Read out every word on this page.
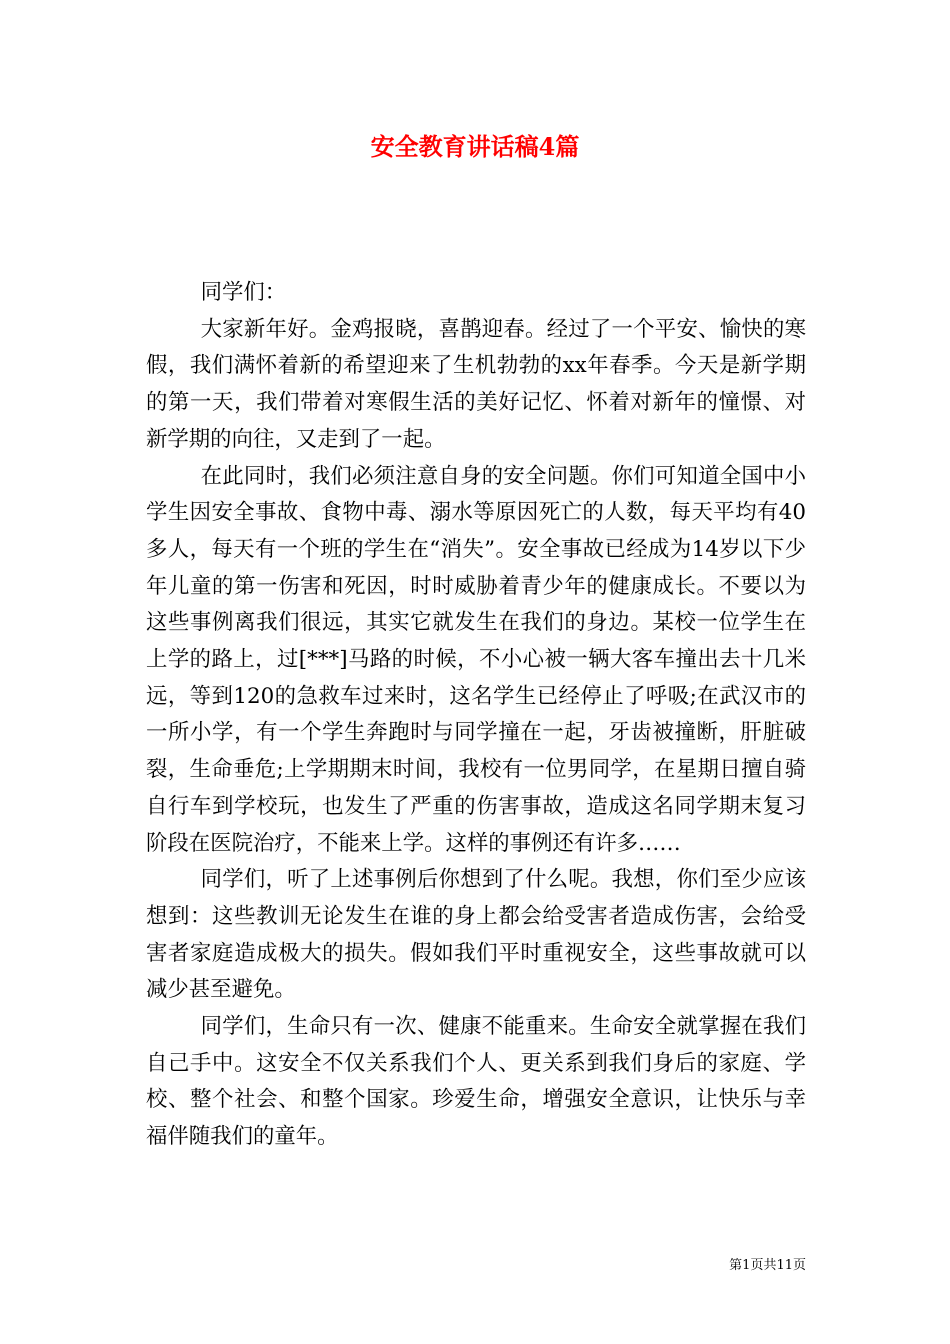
安全教育讲话稿4篇

同学们：

大家新年好。金鸡报晓，喜鹊迎春。经过了一个平安、愉快的寒假，我们满怀着新的希望迎来了生机勃勃的xx年春季。今天是新学期的第一天，我们带着对寒假生活的美好记忆、怀着对新年的憧憬、对新学期的向往，又走到了一起。

在此同时，我们必须注意自身的安全问题。你们可知道全国中小学生因安全事故、食物中毒、溺水等原因死亡的人数，每天平均有40多人，每天有一个班的学生在“消失”。安全事故已经成为14岁以下少年儿童的第一伤害和死因，时时威胁着青少年的健康成长。不要以为这些事例离我们很远，其实它就发生在我们的身边。某校一位学生在上学的路上，过[***]马路的时候，不小心被一辆大客车撞出去十几米远，等到120的急救车过来时，这名学生已经停止了呼吸;在武汉市的一所小学，有一个学生奔跑时与同学撞在一起，牙齿被撞断，肝脏破裂，生命垂危;上学期期末时间，我校有一位男同学，在星期日擅自骑自行车到学校玩，也发生了严重的伤害事故，造成这名同学期末复习阶段在医院治疗，不能来上学。这样的事例还有许多……

同学们，听了上述事例后你想到了什么呢。我想，你们至少应该想到：这些教训无论发生在谁的身上都会给受害者造成伤害，会给受害者家庭造成极大的损失。假如我们平时重视安全，这些事故就可以减少甚至避免。

同学们，生命只有一次、健康不能重来。生命安全就掌握在我们自己手中。这安全不仅关系我们个人、更关系到我们身后的家庭、学校、整个社会、和整个国家。珍爱生命，增强安全意识，让快乐与幸福伴随我们的童年。

第1页共11页
